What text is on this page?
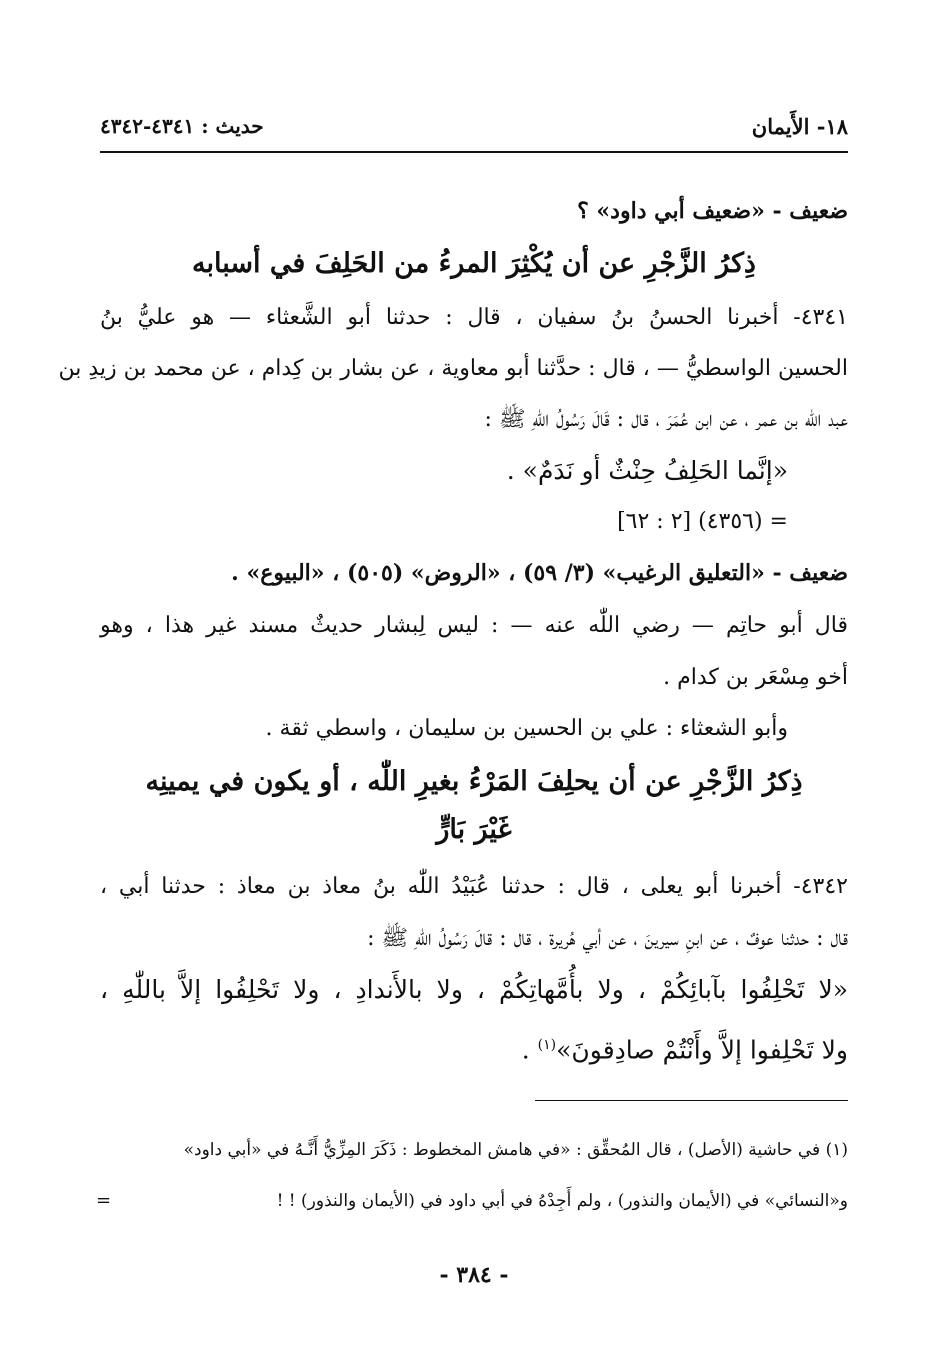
١٨- الأَيمان
حديث : ٤٣٤١-٤٣٤٢
ضعيف - «ضعيف أبي داود» ؟
ذِكرُ الزَّجْرِ عن أن يُكْثِرَ المرءُ من الحَلِفَ في أسبابه
٤٣٤١- أخبرنا الحسنُ بنُ سفيان ، قال : حدثنا أبو الشَّعثاء — هو عليُّ بنُ
الحسين الواسطيُّ — ، قال : حدَّثنا أبو معاوية ، عن بشار بن كِدام ، عن محمد بن زيدِ بن
عبد اللّٰه بن عمر ، عن ابن عُمَرَ ، قال : قَالَ رَسُولُ اللّٰهِ ﷺ :
«إنَّما الحَلِفُ حِنْثٌ أو نَدَمٌ» .
= (٤٣٥٦) [٢ : ٦٢]
ضعيف - «التعليق الرغيب» (٣/ ٥٩) ، «الروض» (٥٠٥) ، «البيوع» .
قال أبو حاتِم — رضي اللّٰه عنه — : ليس لِبشار حديثٌ مسند غير هذا ، وهو
أخو مِسْعَر بن كدام .
وأبو الشعثاء : علي بن الحسين بن سليمان ، واسطي ثقة .
ذِكرُ الزَّجْرِ عن أن يحلِفَ المَرْءُ بغيرِ اللّٰه ، أو يكون في يمينِه
غَيْرَ بَارٍّ
٤٣٤٢- أخبرنا أبو يعلى ، قال : حدثنا عُبَيْدُ اللّٰه بنُ معاذ بن معاذ : حدثنا أبي ،
قال : حدثنا عوفٌ ، عن ابنِ سيرينَ ، عن أبي هُريرة ، قال : قالَ رَسُولُ اللّٰهِ ﷺ :
«لا تَحْلِفُوا بآبائِكُمْ ، ولا بأُمَّهاتِكُمْ ، ولا بالأَندادِ ، ولا تَحْلِفُوا إلاَّ باللّٰهِ ،
ولا تَحْلِفوا إلاَّ وأَنْتُمْ صادِقونَ»$^{(١)}$ .
(١) في حاشية (الأصل) ، قال المُحقِّق : «في هامش المخطوط : ذَكَرَ المِزِّيُّ أَنَّـهُ في «أبي داود»
و«النسائي» في (الأيمان والنذور) ، ولم أَجِدْهُ في أبي داود في (الأيمان والنذور) ! !
=
- ٣٨٤ -
